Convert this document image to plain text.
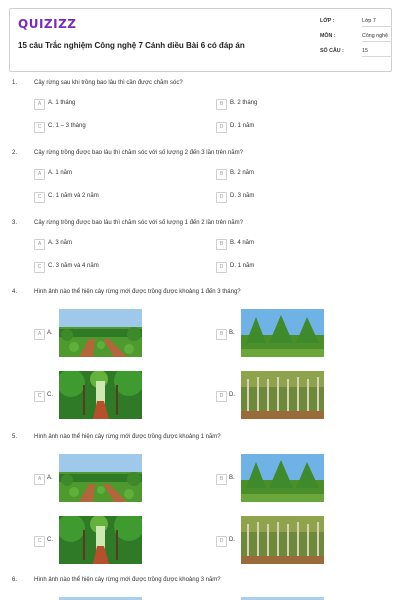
QUIZIZZ
15 câu Trắc nghiệm Công nghệ 7 Cánh diều Bài 6 có đáp án
LỚP :	Lớp 7
MÔN :	Công nghệ
SỐ CÂU :	15
1.	Cây rừng sau khi trồng bao lâu thì cần được chăm sóc?
A	A. 1 tháng	B	B. 2 tháng
C	C. 1 – 3 tháng	D	D. 1 năm
2.	Cây rừng trồng được bao lâu thì chăm sóc với số lượng 2 đến 3 lần trên năm?
A	A. 1 năm	B	B. 2 năm
C	C. 1 năm và 2 năm	D	D. 3 năm
3.	Cây rừng trồng được bao lâu thì chăm sóc với số lượng 1 đến 2 lần trên năm?
A	A. 3 năm	B	B. 4 năm
C	C. 3 năm và 4 năm	D	D. 1 năm
4.	Hình ảnh nào thể hiện cây rừng mới được trồng được khoảng 1 đến 3 tháng?
A A.	B B.
C C.	D D.
5.	Hình ảnh nào thể hiện cây rừng mới được trồng được khoảng 1 năm?
A A.	B B.
C C.	D D.
6.	Hình ảnh nào thể hiện cây rừng mới được trồng được khoảng 3 năm?
